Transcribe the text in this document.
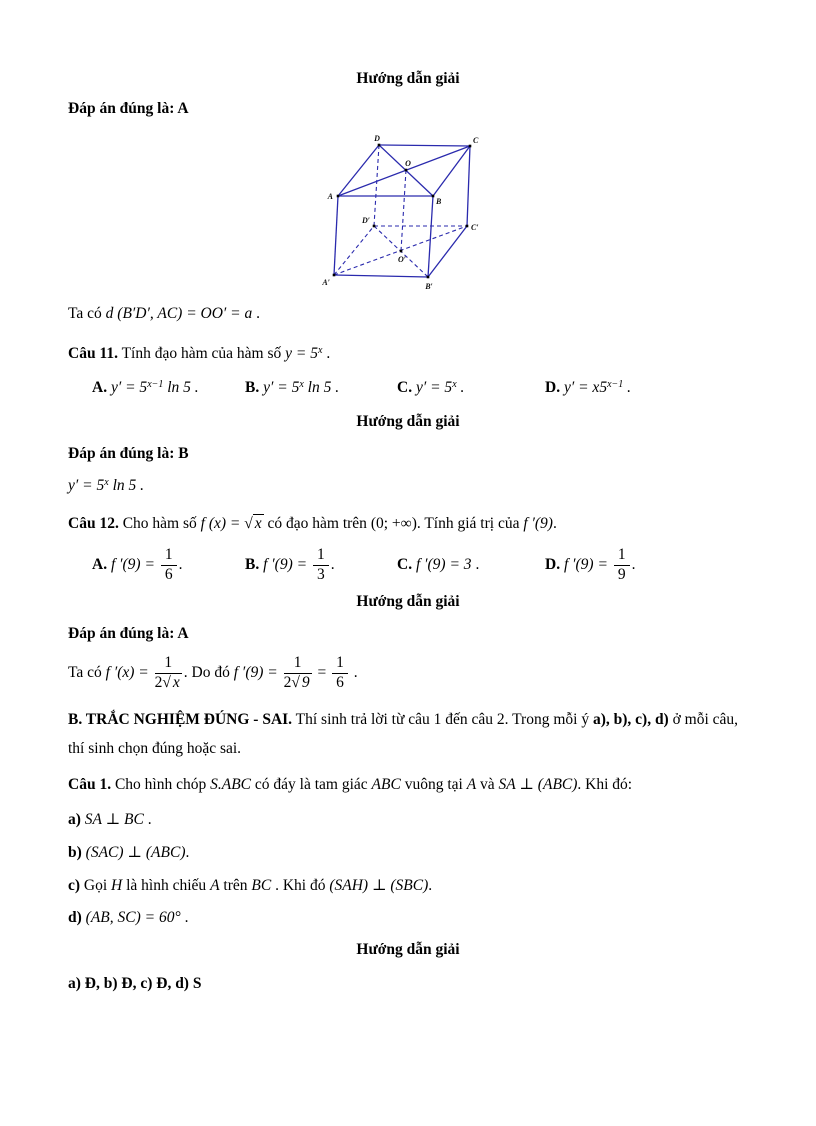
Hướng dẫn giải

Đáp án đúng là: A

D	C
O
A
B
D′
C′
O′
A′	B′

Ta có d (B′D′, AC) = OO′ = a .

Câu 11. Tính đạo hàm của hàm số y = 5x .

A. y′ = 5x−1 ln 5 .	B. y′ = 5x ln 5 .	C. y′ = 5x .	D. y′ = x5x−1 .

Hướng dẫn giải

Đáp án đúng là: B

y′ = 5x ln 5 .

Câu 12. Cho hàm số f (x) = √ x có đạo hàm trên (0; +∞). Tính giá trị của f ′(9).

A. f $'(9) = \frac{1}{6}$ .	B. f $'(9) = \frac{1}{3}$ .	C. f ′(9) = 3 .	D. f $'(9) = \frac{1}{9}$ .

Hướng dẫn giải

Đáp án đúng là: A

Ta có f $'(x) = \frac{1}{2√ x}$ . Do đó f $'(9) = \frac{1}{2√ 9} = \frac{1}{6}$ .

B. TRẮC NGHIỆM ĐÚNG - SAI. Thí sinh trả lời từ câu 1 đến câu 2. Trong mỗi ý a), b), c), d) ở mỗi câu, thí sinh chọn đúng hoặc sai.

Câu 1. Cho hình chóp S.ABC có đáy là tam giác ABC vuông tại A và SA ⊥ (ABC). Khi đó:

a) SA ⊥ BC .

b) (SAC) ⊥ (ABC).

c) Gọi H là hình chiếu A trên BC . Khi đó (SAH) ⊥ (SBC).

d) (AB, SC) = 60° .

Hướng dẫn giải

a) Đ, b) Đ, c) Đ, d) S
